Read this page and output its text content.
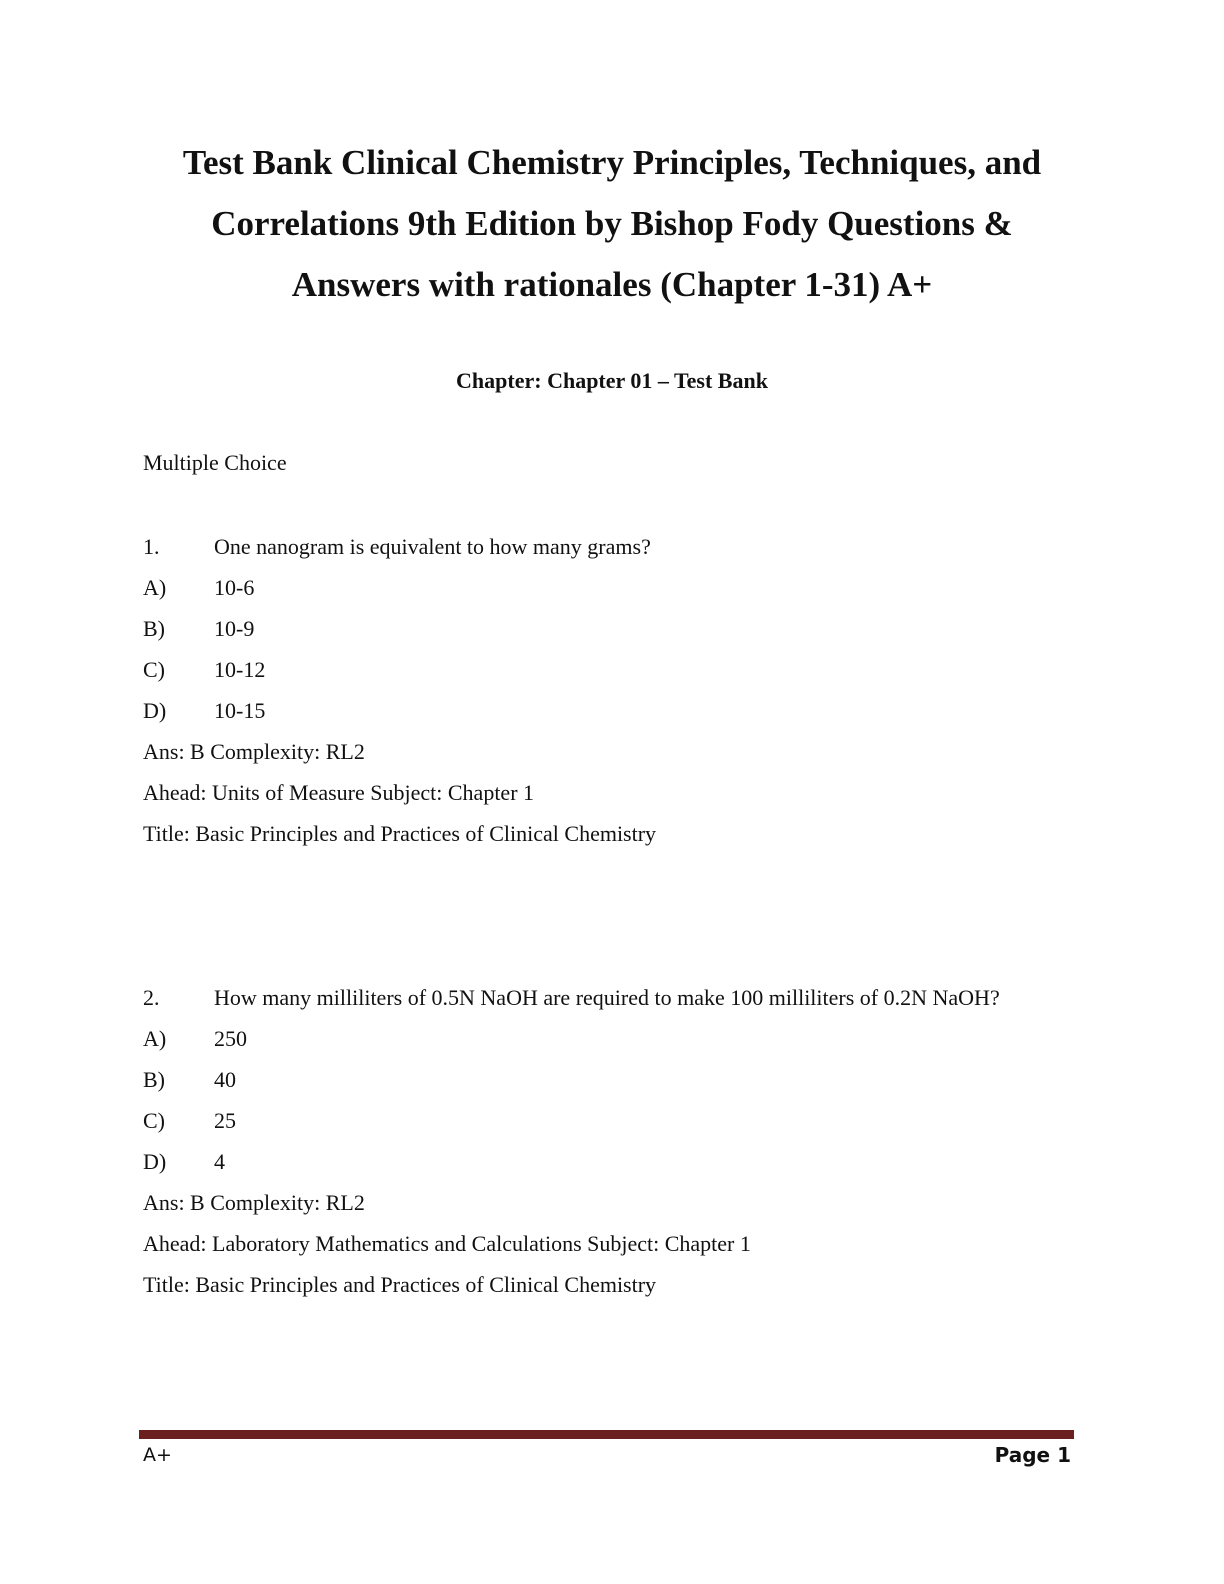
Test Bank Clinical Chemistry Principles, Techniques, and
Correlations 9th Edition by Bishop Fody Questions &
Answers with rationales (Chapter 1-31) A+
Chapter: Chapter 01 – Test Bank
Multiple Choice
1. One nanogram is equivalent to how many grams?
A) 10-6
B) 10-9
C) 10-12
D) 10-15
Ans: B Complexity: RL2
Ahead: Units of Measure Subject: Chapter 1
Title: Basic Principles and Practices of Clinical Chemistry
2. How many milliliters of 0.5N NaOH are required to make 100 milliliters of 0.2N NaOH?
A) 250
B) 40
C) 25
D) 4
Ans: B Complexity: RL2
Ahead: Laboratory Mathematics and Calculations Subject: Chapter 1
Title: Basic Principles and Practices of Clinical Chemistry
A+	Page 1
